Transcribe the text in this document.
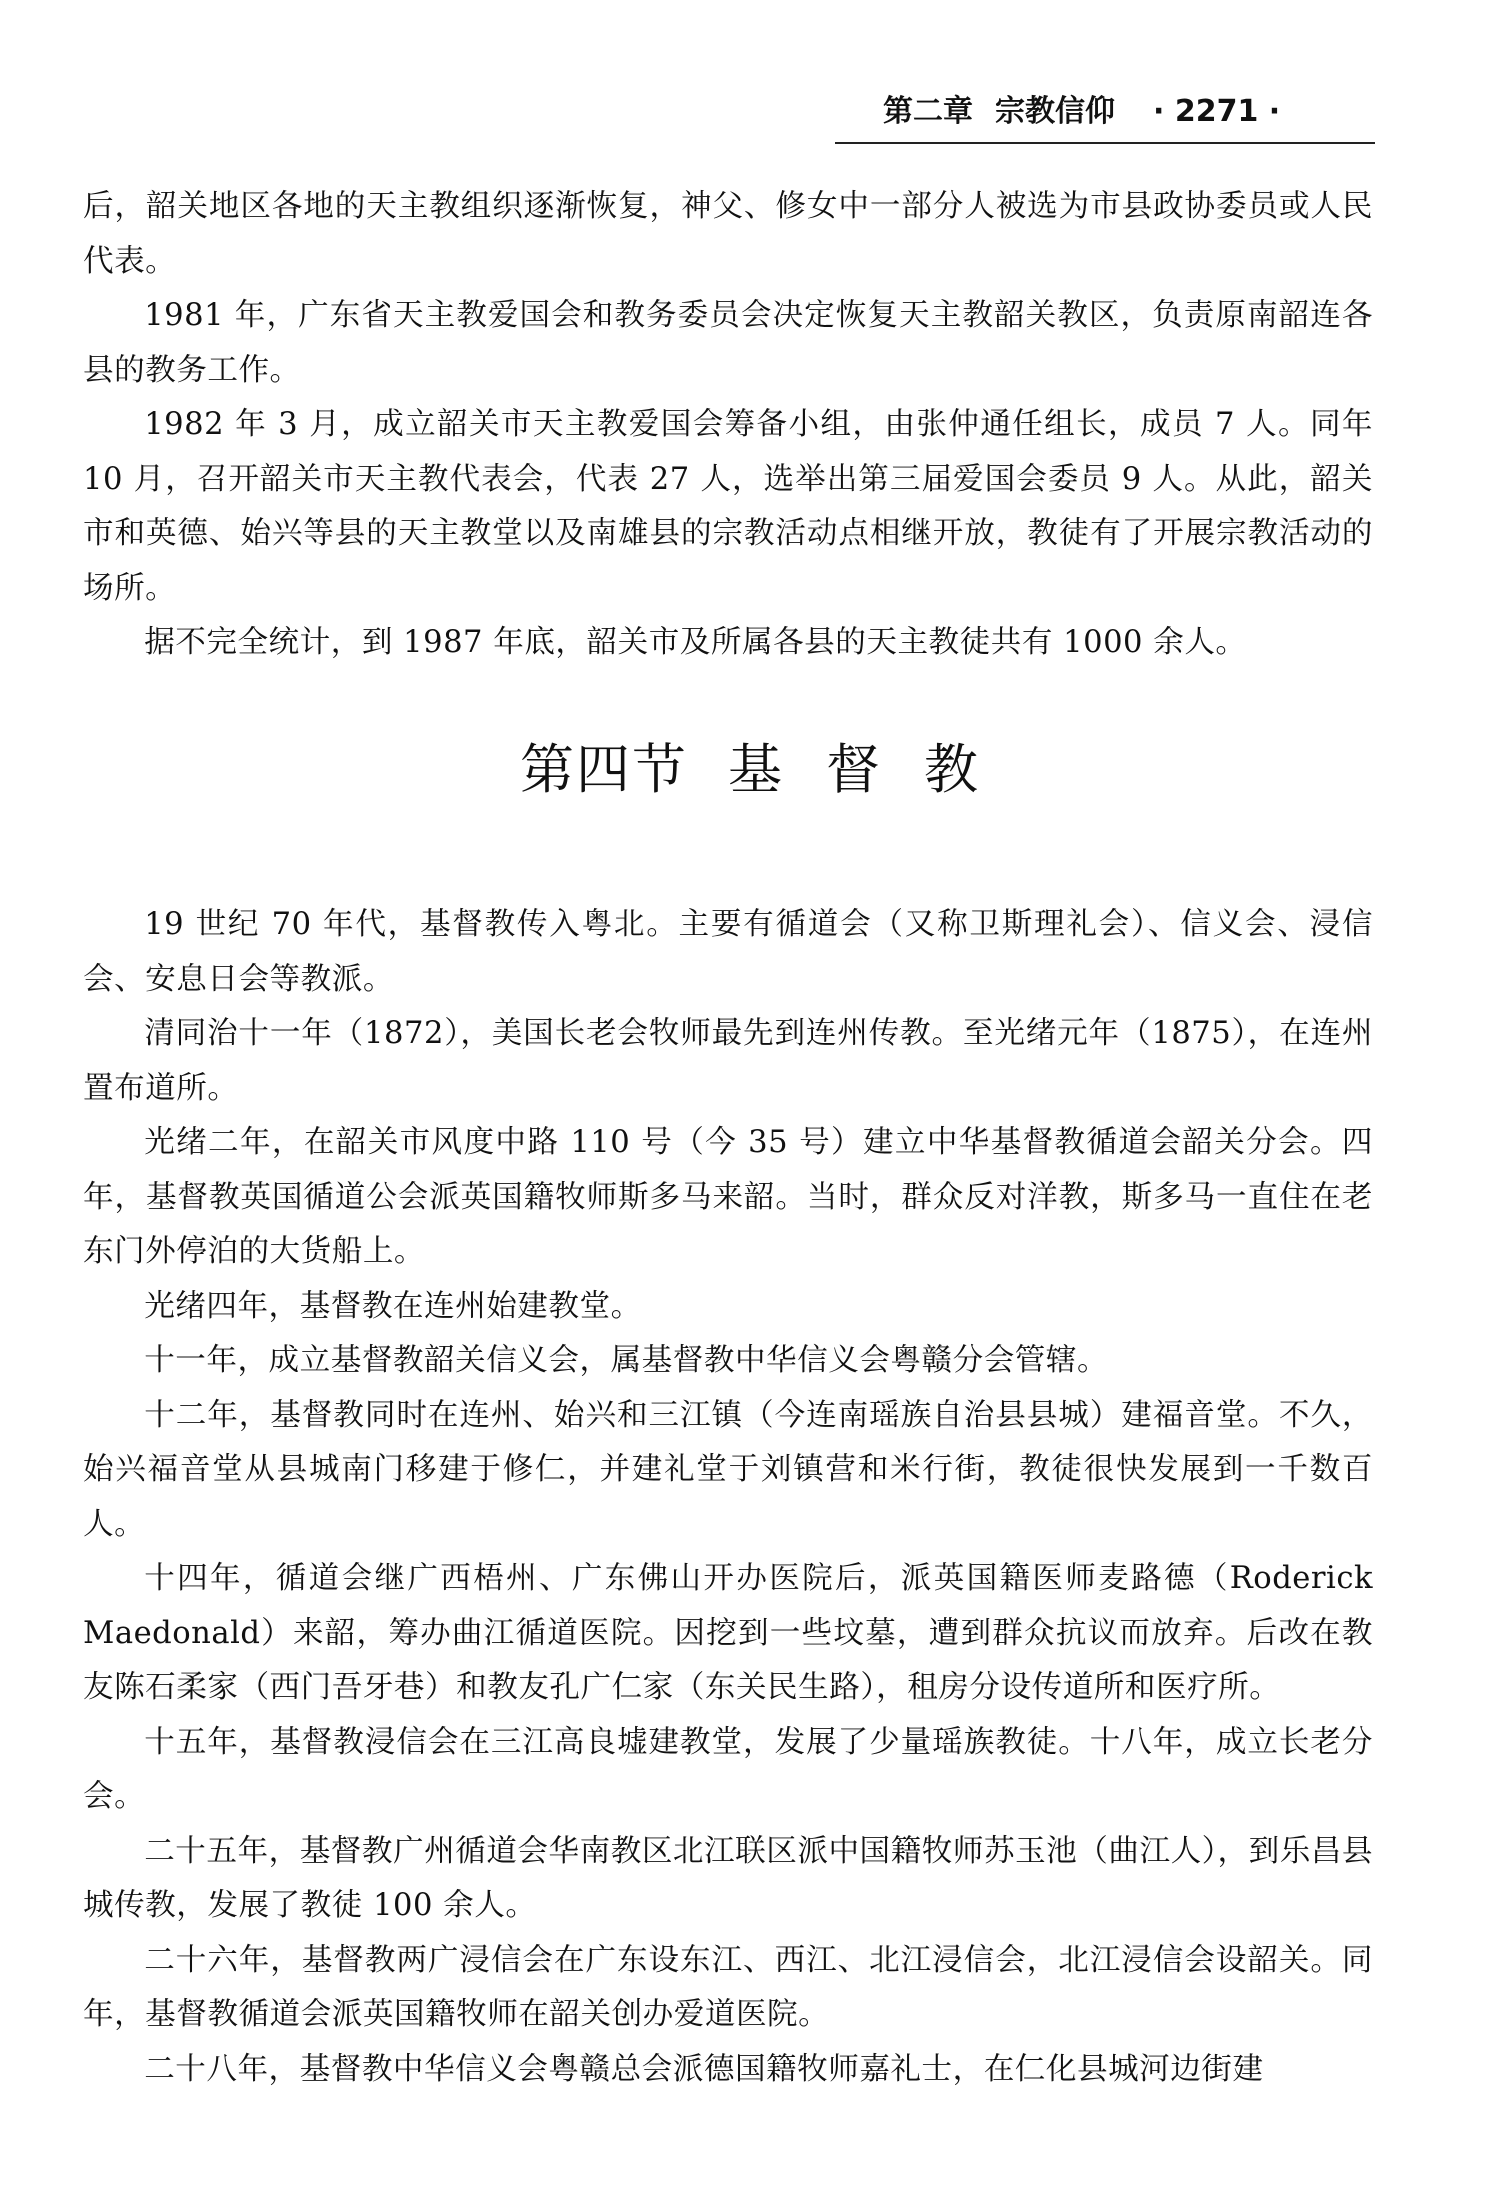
第二章 宗教信仰 · 2271 ·

后，韶关地区各地的天主教组织逐渐恢复，神父、修女中一部分人被选为市县政协委员或人民代表。

1981 年，广东省天主教爱国会和教务委员会决定恢复天主教韶关教区，负责原南韶连各县的教务工作。

1982 年 3 月，成立韶关市天主教爱国会筹备小组，由张仲通任组长，成员 7 人。同年 10 月，召开韶关市天主教代表会，代表 27 人，选举出第三届爱国会委员 9 人。从此，韶关市和英德、始兴等县的天主教堂以及南雄县的宗教活动点相继开放，教徒有了开展宗教活动的场所。

据不完全统计，到 1987 年底，韶关市及所属各县的天主教徒共有 1000 余人。

第四节 基 督 教

19 世纪 70 年代，基督教传入粤北。主要有循道会（又称卫斯理礼会）、信义会、浸信会、安息日会等教派。

清同治十一年（1872），美国长老会牧师最先到连州传教。至光绪元年（1875），在连州置布道所。

光绪二年，在韶关市风度中路 110 号（今 35 号）建立中华基督教循道会韶关分会。四年，基督教英国循道公会派英国籍牧师斯多马来韶。当时，群众反对洋教，斯多马一直住在老东门外停泊的大货船上。

光绪四年，基督教在连州始建教堂。

十一年，成立基督教韶关信义会，属基督教中华信义会粤赣分会管辖。

十二年，基督教同时在连州、始兴和三江镇（今连南瑶族自治县县城）建福音堂。不久，始兴福音堂从县城南门移建于修仁，并建礼堂于刘镇营和米行街，教徒很快发展到一千数百人。

十四年，循道会继广西梧州、广东佛山开办医院后，派英国籍医师麦路德（Roderick Maedonald）来韶，筹办曲江循道医院。因挖到一些坟墓，遭到群众抗议而放弃。后改在教友陈石柔家（西门吾牙巷）和教友孔广仁家（东关民生路），租房分设传道所和医疗所。

十五年，基督教浸信会在三江高良墟建教堂，发展了少量瑶族教徒。十八年，成立长老分会。

二十五年，基督教广州循道会华南教区北江联区派中国籍牧师苏玉池（曲江人），到乐昌县城传教，发展了教徒 100 余人。

二十六年，基督教两广浸信会在广东设东江、西江、北江浸信会，北江浸信会设韶关。同年，基督教循道会派英国籍牧师在韶关创办爱道医院。

二十八年，基督教中华信义会粤赣总会派德国籍牧师嘉礼士，在仁化县城河边街建
